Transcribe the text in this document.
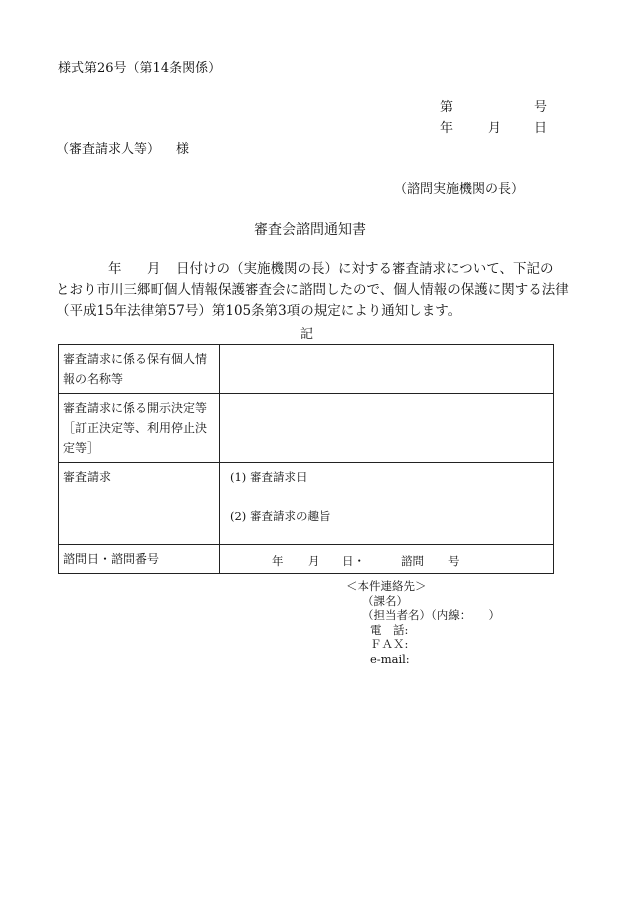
様式第26号（第14条関係）
第	号
年	月	日
（審査請求人等） 様
（諮問実施機関の長）
審査会諮問通知書
年 月 日付けの（実施機関の長）に対する審査請求について、下記の
とおり市川三郷町個人情報保護審査会に諮問したので、個人情報の保護に関する法律
（平成15年法律第57号）第105条第3項の規定により通知します。
記
審査請求に係る保有個人情報の名称等	
審査請求に係る開示決定等［訂正決定等、利用停止決定等］	
審査請求	(1) 審査請求日
(2) 審査請求の趣旨

諮問日・諮問番号	年 月 日・ 諮問 号
＜本件連絡先＞
（課名）
（担当者名）（内線：　　）
電　話:
ＦＡＸ:
e-mail:
